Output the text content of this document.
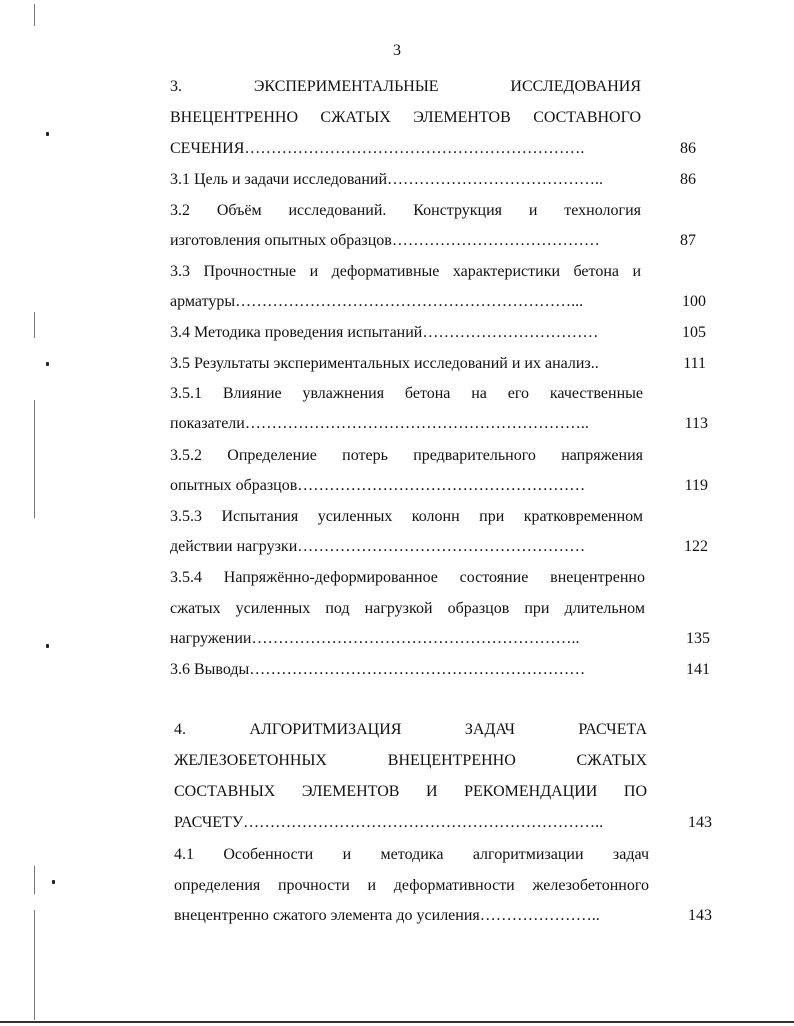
3
3. ЭКСПЕРИМЕНТАЛЬНЫЕ ИССЛЕДОВАНИЯ
ВНЕЦЕНТРЕННО СЖАТЫХ ЭЛЕМЕНТОВ СОСТАВНОГО
СЕЧЕНИЯ……………………………………………………….	86
3.1 Цель и задачи исследований…………………………………..	86
3.2 Объём исследований. Конструкция и технология
изготовления опытных образцов…………………………………	87
3.3 Прочностные и деформативные характеристики бетона и
арматуры………………………………………………………...	100
3.4 Методика проведения испытаний……………………………	105
3.5 Результаты экспериментальных исследований и их анализ..	111
3.5.1 Влияние увлажнения бетона на его качественные
показатели………………………………………………………..	113
3.5.2 Определение потерь предварительного напряжения
опытных образцов………………………………………………	119
3.5.3 Испытания усиленных колонн при кратковременном
действии нагрузки………………………………………………	122
3.5.4 Напряжённо-деформированное состояние внецентренно
сжатых усиленных под нагрузкой образцов при длительном
нагружении……………………………………………………..	135
3.6 Выводы………………………………………………………	141
4. АЛГОРИТМИЗАЦИЯ ЗАДАЧ РАСЧЕТА
ЖЕЛЕЗОБЕТОННЫХ ВНЕЦЕНТРЕННО СЖАТЫХ
СОСТАВНЫХ ЭЛЕМЕНТОВ И РЕКОМЕНДАЦИИ ПО
РАСЧЕТУ…………………………………………………………..	143
4.1 Особенности и методика алгоритмизации задач
определения прочности и деформативности железобетонного
внецентренно сжатого элемента до усиления…………………..	143
